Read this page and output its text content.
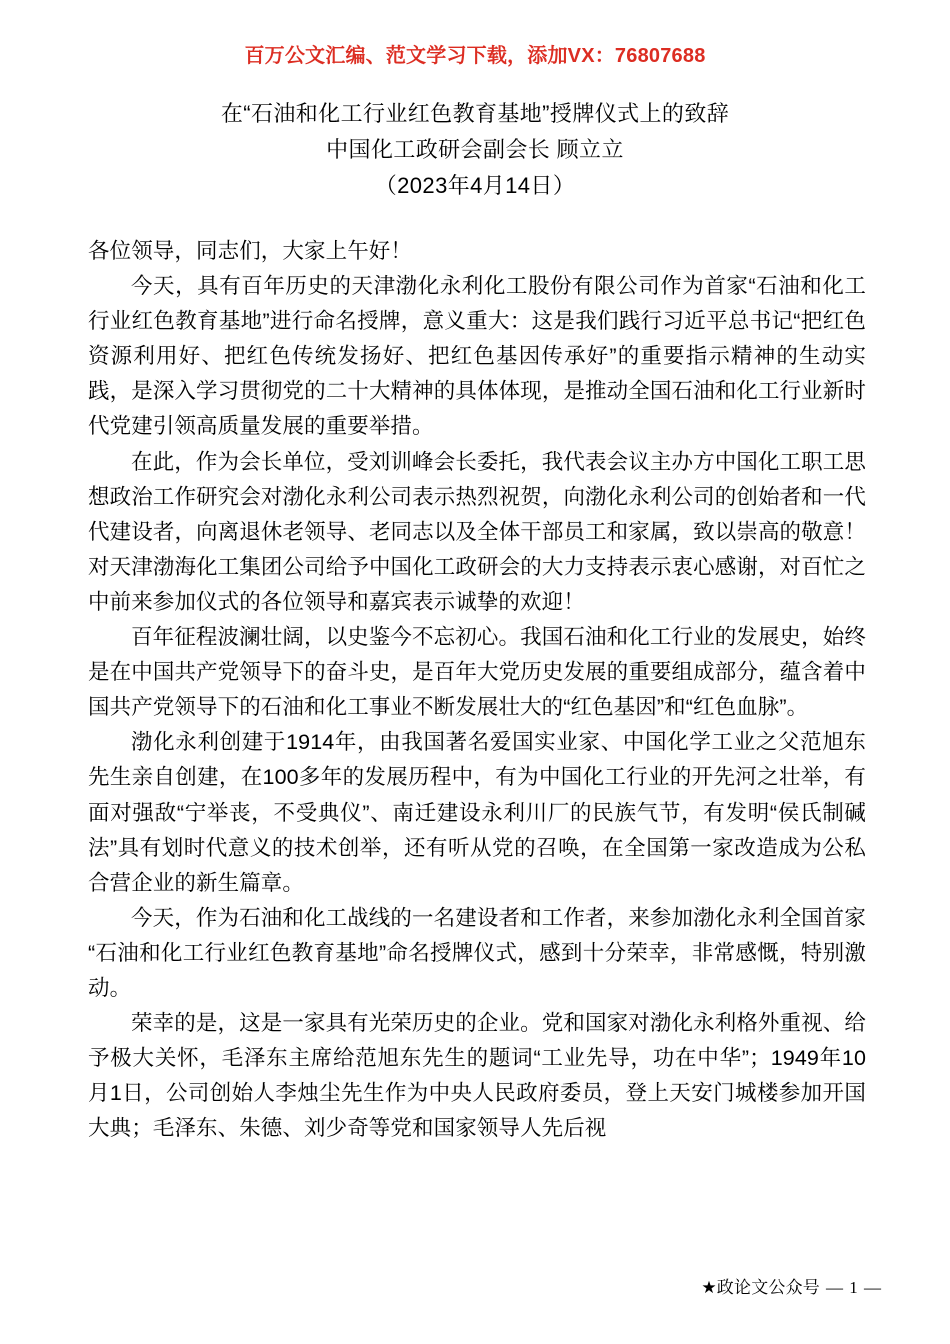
百万公文汇编、范文学习下载，添加VX：76807688
在“石油和化工行业红色教育基地”授牌仪式上的致辞
中国化工政研会副会长 顾立立
（2023年4月14日）

各位领导，同志们，大家上午好！

今天，具有百年历史的天津渤化永利化工股份有限公司作为首家“石油和化工行业红色教育基地”进行命名授牌，意义重大：这是我们践行习近平总书记“把红色资源利用好、把红色传统发扬好、把红色基因传承好”的重要指示精神的生动实践，是深入学习贯彻党的二十大精神的具体体现，是推动全国石油和化工行业新时代党建引领高质量发展的重要举措。

在此，作为会长单位，受刘训峰会长委托，我代表会议主办方中国化工职工思想政治工作研究会对渤化永利公司表示热烈祝贺，向渤化永利公司的创始者和一代代建设者，向离退休老领导、老同志以及全体干部员工和家属，致以崇高的敬意！对天津渤海化工集团公司给予中国化工政研会的大力支持表示衷心感谢，对百忙之中前来参加仪式的各位领导和嘉宾表示诚挚的欢迎！

百年征程波澜壮阔，以史鉴今不忘初心。我国石油和化工行业的发展史，始终是在中国共产党领导下的奋斗史，是百年大党历史发展的重要组成部分，蕴含着中国共产党领导下的石油和化工事业不断发展壮大的“红色基因”和“红色血脉”。

渤化永利创建于1914年，由我国著名爱国实业家、中国化学工业之父范旭东先生亲自创建，在100多年的发展历程中，有为中国化工行业的开先河之壮举，有面对强敌“宁举丧，不受典仪”、南迁建设永利川厂的民族气节，有发明“侯氏制碱法”具有划时代意义的技术创举，还有听从党的召唤，在全国第一家改造成为公私合营企业的新生篇章。

今天，作为石油和化工战线的一名建设者和工作者，来参加渤化永利全国首家“石油和化工行业红色教育基地”命名授牌仪式，感到十分荣幸，非常感慨，特别激动。

荣幸的是，这是一家具有光荣历史的企业。党和国家对渤化永利格外重视、给予极大关怀，毛泽东主席给范旭东先生的题词“工业先导，功在中华”；1949年10月1日，公司创始人李烛尘先生作为中央人民政府委员，登上天安门城楼参加开国大典；毛泽东、朱德、刘少奇等党和国家领导人先后视

★政论文公众号 — 1 —
